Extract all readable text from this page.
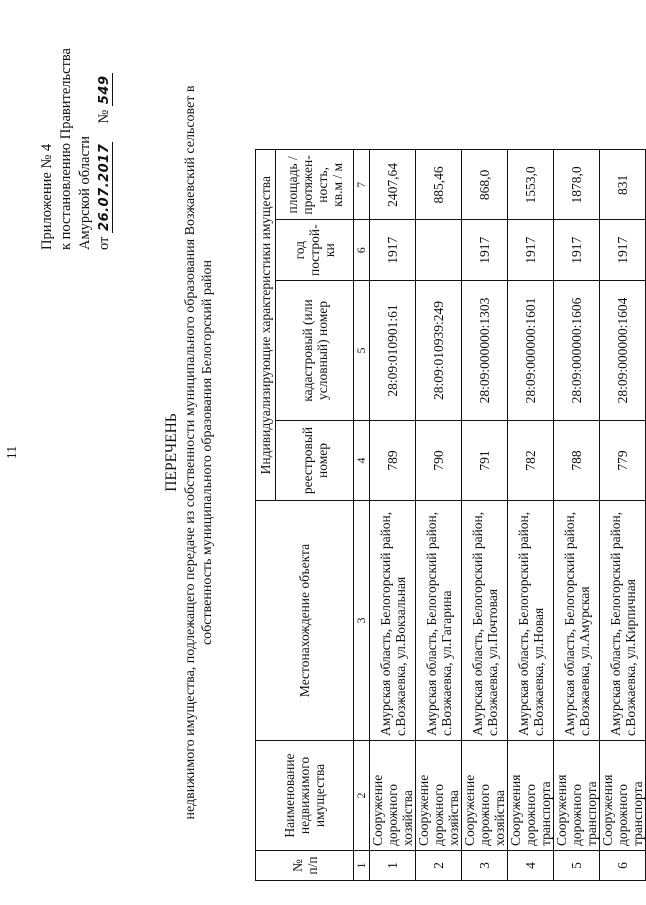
11
Приложение № 4 к постановлению Правительства Амурской области от 26.07.2017     № 549
ПЕРЕЧЕНЬ недвижимого имущества, подлежащего передаче из собственности муниципального образования Возжаевский сельсовет в собственность муниципального образования Белогорский район
№ п/п	Наименование недвижимого имущества	Местонахождение объекта	Индивидуализирующие характеристики имущества			
			реестровый номер	кадастровый (или условный) номер	год построй-ки	площадь / протяжен-ность, кв.м / м
1	2	3	4	5	6	7
1	Сооружение дорожного хозяйства	Амурская область, Белогорский район, с.Возжаевка, ул.Вокзальная	789	28:09:010901:61	1917	2407,64
2	Сооружение дорожного хозяйства	Амурская область, Белогорский район, с.Возжаевка, ул.Гагарина	790	28:09:010939:249		885,46
3	Сооружение дорожного хозяйства	Амурская область, Белогорский район, с.Возжаевка, ул.Почтовая	791	28:09:000000:1303	1917	868,0
4	Сооружения дорожного транспорта	Амурская область, Белогорский район, с.Возжаевка, ул.Новая	782	28:09:000000:1601	1917	1553,0
5	Сооружения дорожного транспорта	Амурская область, Белогорский район, с.Возжаевка, ул.Амурская	788	28:09:000000:1606	1917	1878,0
6	Сооружения дорожного транспорта	Амурская область, Белогорский район, с.Возжаевка, ул.Кирпичная	779	28:09:000000:1604	1917	831
